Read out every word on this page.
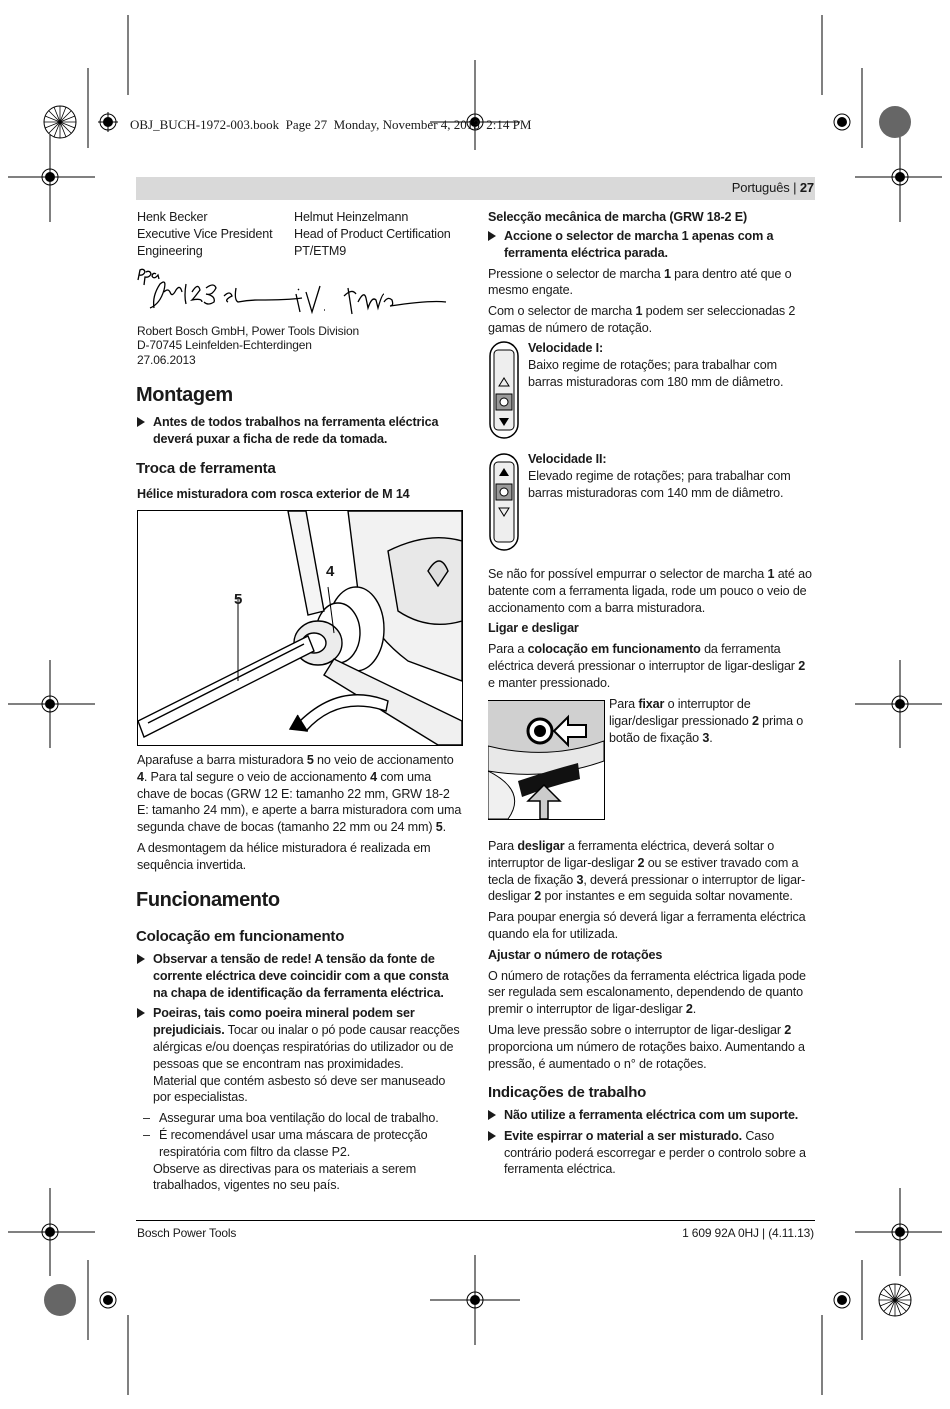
OBJ_BUCH-1972-003.book  Page 27  Monday, November 4, 2013  2:14 PM
Português | 27
Henk Becker
Executive Vice President
Engineering
Helmut Heinzelmann
Head of Product Certification
PT/ETM9
Robert Bosch GmbH, Power Tools Division
D-70745 Leinfelden-Echterdingen
27.06.2013
Montagem
Antes de todos trabalhos na ferramenta eléctrica deverá puxar a ficha de rede da tomada.
Troca de ferramenta
Hélice misturadora com rosca exterior de M 14
5
4

Aparafuse a barra misturadora 5 no veio de accionamento 4. Para tal segure o veio de accionamento 4 com uma chave de bocas (GRW 12 E: tamanho 22 mm, GRW 18-2 E: tamanho 24 mm), e aperte a barra misturadora com uma segunda chave de bocas (tamanho 22 mm ou 24 mm) 5.

A desmontagem da hélice misturadora é realizada em sequência invertida.

Funcionamento
Colocação em funcionamento
Observar a tensão de rede! A tensão da fonte de corrente eléctrica deve coincidir com a que consta na chapa de identificação da ferramenta eléctrica.
Poeiras, tais como poeira mineral podem ser prejudiciais. Tocar ou inalar o pó pode causar reacções alérgicas e/ou doenças respiratórias do utilizador ou de pessoas que se encontram nas proximidades.
Material que contém asbesto só deve ser manuseado por especialistas.
– Assegurar uma boa ventilação do local de trabalho.
– É recomendável usar uma máscara de protecção respiratória com filtro da classe P2.
Observe as directivas para os materiais a serem trabalhados, vigentes no seu país.
Selecção mecânica de marcha (GRW 18-2 E)
Accione o selector de marcha 1 apenas com a ferramenta eléctrica parada.

Pressione o selector de marcha 1 para dentro até que o mesmo engate.

Com o selector de marcha 1 podem ser seleccionadas 2 gamas de número de rotação.

Velocidade I:
Baixo regime de rotações; para trabalhar com barras misturadoras com 180 mm de diâmetro.
Velocidade II:
Elevado regime de rotações; para trabalhar com barras misturadoras com 140 mm de diâmetro.

Se não for possível empurrar o selector de marcha 1 até ao batente com a ferramenta ligada, rode um pouco o veio de accionamento com a barra misturadora.

Ligar e desligar

Para a colocação em funcionamento da ferramenta eléctrica deverá pressionar o interruptor de ligar-desligar 2 e manter pressionado.

Para fixar o interruptor de ligar/desligar pressionado 2 prima o botão de fixação 3.

Para desligar a ferramenta eléctrica, deverá soltar o interruptor de ligar-desligar 2 ou se estiver travado com a tecla de fixação 3, deverá pressionar o interruptor de ligar-desligar 2 por instantes e em seguida soltar novamente.

Para poupar energia só deverá ligar a ferramenta eléctrica quando ela for utilizada.

Ajustar o número de rotações

O número de rotações da ferramenta eléctrica ligada pode ser regulada sem escalonamento, dependendo de quanto premir o interruptor de ligar-desligar 2.

Uma leve pressão sobre o interruptor de ligar-desligar 2 proporciona um número de rotações baixo. Aumentando a pressão, é aumentado o n° de rotações.

Indicações de trabalho
Não utilize a ferramenta eléctrica com um suporte.
Evite espirrar o material a ser misturado. Caso contrário poderá escorregar e perder o controlo sobre a ferramenta eléctrica.
Bosch Power Tools	1 609 92A 0HJ | (4.11.13)
